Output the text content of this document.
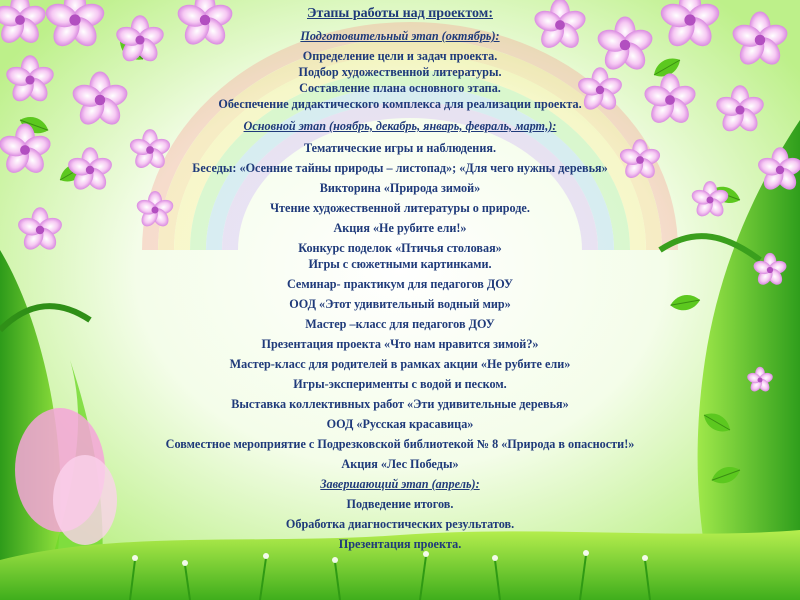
Этапы работы над проектом:
Подготовительный этап (октябрь):
Определение цели и задач проекта.
Подбор художественной литературы.
Составление плана основного этапа.
Обеспечение дидактического комплекса для реализации проекта.
Основной этап (ноябрь, декабрь, январь, февраль, март,):
Тематические игры и наблюдения.
Беседы: «Осенние тайны природы – листопад»; «Для чего нужны деревья»
Викторина «Природа зимой»
Чтение художественной литературы о природе.
Акция «Не рубите ели!»
Конкурс поделок «Птичья столовая»
Игры с сюжетными картинками.
Семинар- практикум для педагогов ДОУ
ООД «Этот удивительный водный мир»
Мастер –класс для педагогов ДОУ
Презентация проекта «Что нам нравится зимой?»
Мастер-класс для родителей в рамках акции «Не рубите ели»
Игры-эксперименты с водой и песком.
Выставка коллективных работ «Эти удивительные деревья»
ООД «Русская красавица»
Совместное мероприятие с Подрезковской библиотекой № 8 «Природа в опасности!»
Акция «Лес Победы»
Завершающий этап (апрель):
Подведение итогов.
Обработка диагностических результатов.
Презентация проекта.
